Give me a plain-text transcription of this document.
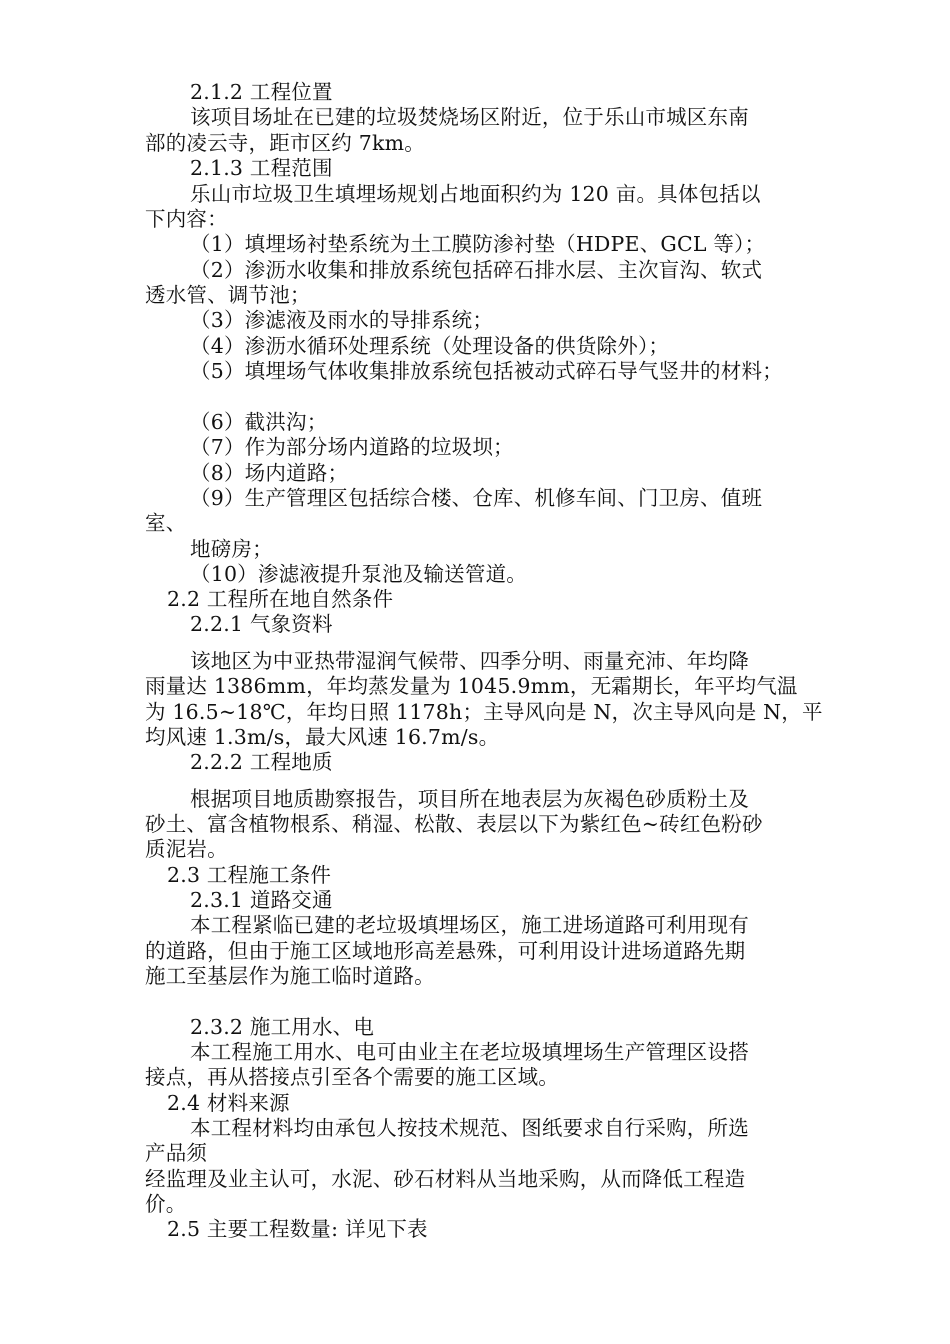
2.1.2 工程位置
该项目场址在已建的垃圾焚烧场区附近，位于乐山市城区东南
部的凌云寺，距市区约 7km。
2.1.3 工程范围
乐山市垃圾卫生填埋场规划占地面积约为 120 亩。具体包括以
下内容：
（1）填埋场衬垫系统为土工膜防渗衬垫（HDPE、GCL 等）；
（2）渗沥水收集和排放系统包括碎石排水层、主次盲沟、软式
透水管、调节池；
（3）渗滤液及雨水的导排系统；
（4）渗沥水循环处理系统（处理设备的供货除外）；
（5）填埋场气体收集排放系统包括被动式碎石导气竖井的材料；
（6）截洪沟；
（7）作为部分场内道路的垃圾坝；
（8）场内道路；
（9）生产管理区包括综合楼、仓库、机修车间、门卫房、值班
室、
地磅房；
（10）渗滤液提升泵池及输送管道。
2.2 工程所在地自然条件
2.2.1 气象资料
该地区为中亚热带湿润气候带、四季分明、雨量充沛、年均降
雨量达 1386mm，年均蒸发量为 1045.9mm，无霜期长，年平均气温
为 16.5~18℃，年均日照 1178h；主导风向是 N，次主导风向是 N，平
均风速 1.3m/s，最大风速 16.7m/s。
2.2.2 工程地质
根据项目地质勘察报告，项目所在地表层为灰褐色砂质粉土及
砂土、富含植物根系、稍湿、松散、表层以下为紫红色~砖红色粉砂
质泥岩。
2.3 工程施工条件
2.3.1 道路交通
本工程紧临已建的老垃圾填埋场区，施工进场道路可利用现有
的道路，但由于施工区域地形高差悬殊，可利用设计进场道路先期
施工至基层作为施工临时道路。
2.3.2 施工用水、电
本工程施工用水、电可由业主在老垃圾填埋场生产管理区设搭
接点，再从搭接点引至各个需要的施工区域。
2.4 材料来源
本工程材料均由承包人按技术规范、图纸要求自行采购，所选
产品须
经监理及业主认可，水泥、砂石材料从当地采购，从而降低工程造
价。
2.5 主要工程数量: 详见下表
